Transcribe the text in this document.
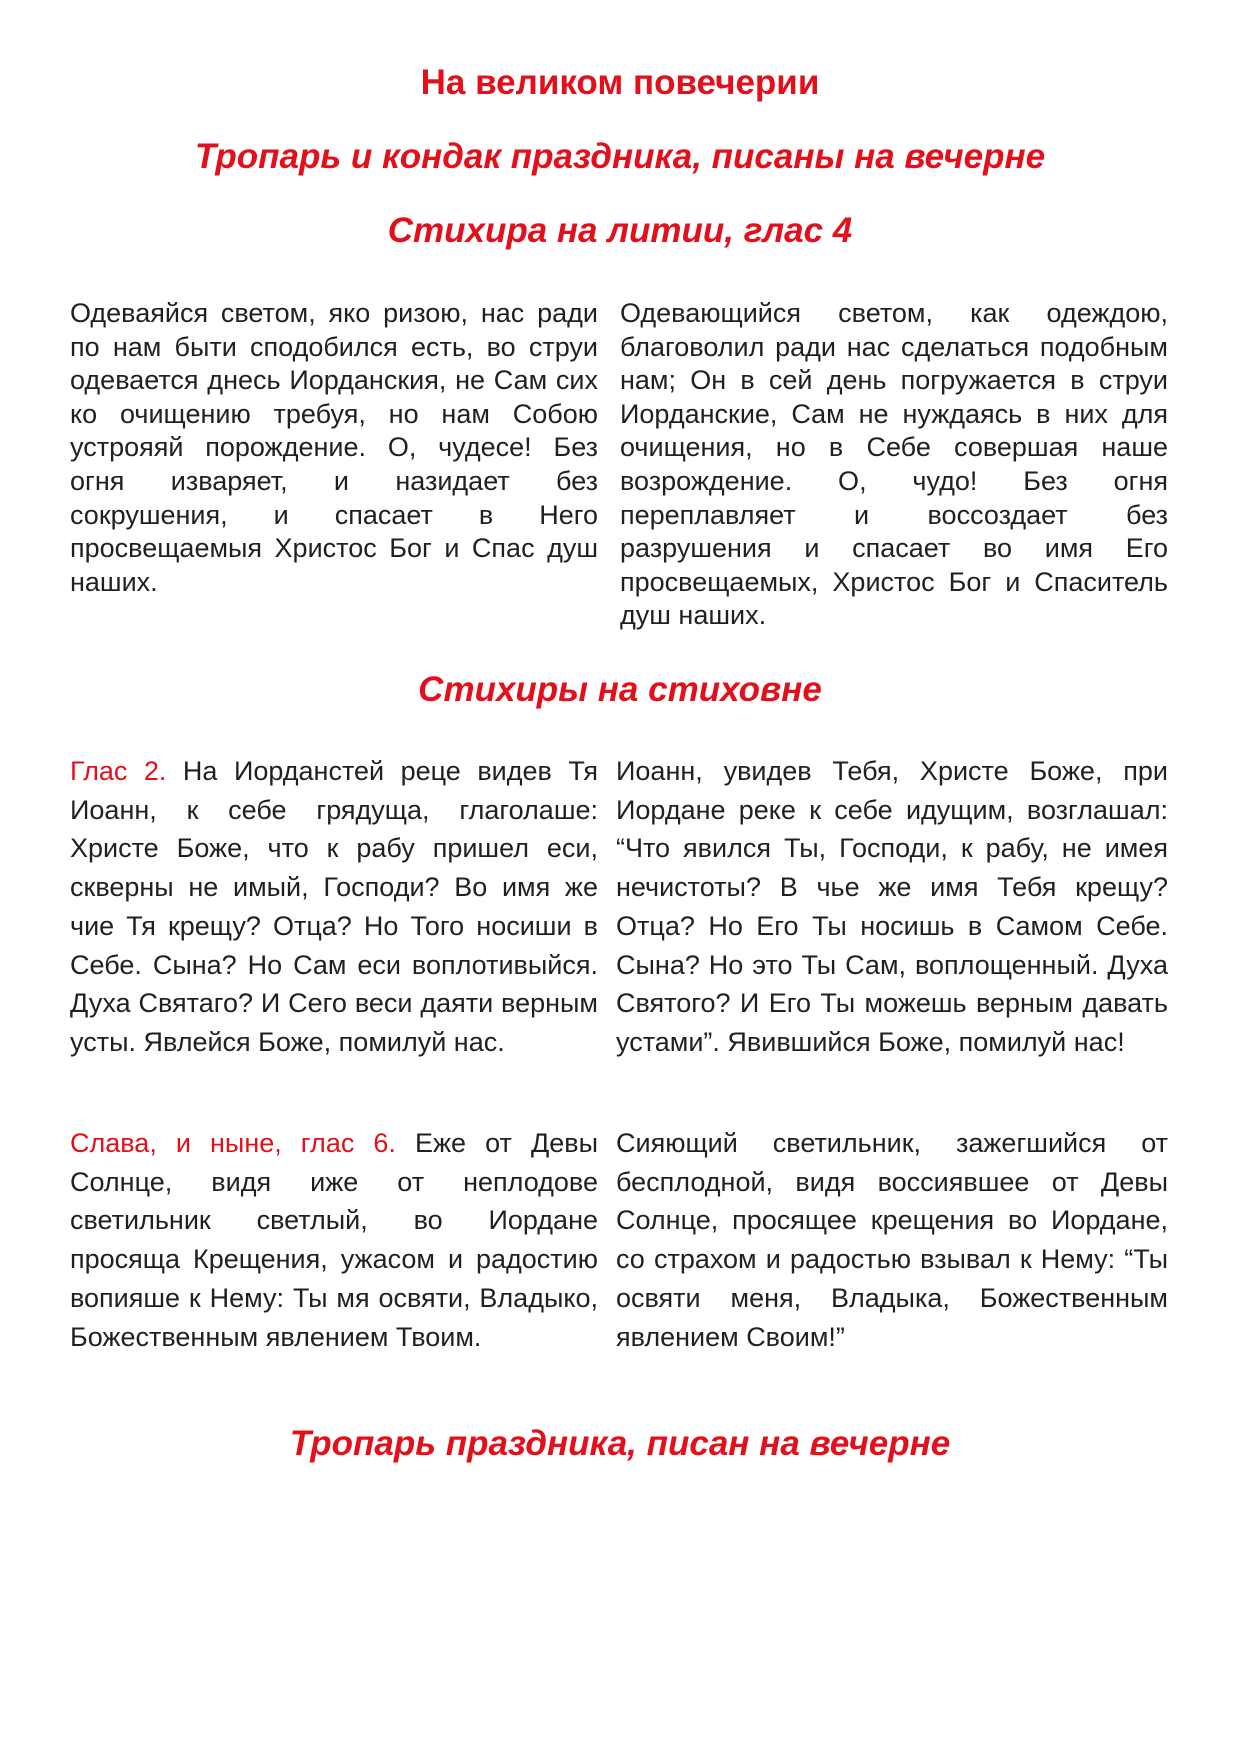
На великом повечерии
Тропарь и кондак праздника, писаны на вечерне
Стихира на литии, глас 4

Одеваяйся светом, яко ризою, нас ради по нам быти сподобился есть, во струи одевается днесь Иорданския, не Сам сих ко очищению требуя, но нам Собою устрояяй порождение. О, чудесе! Без огня изваряет, и назидает без сокрушения, и спасает в Него просвещаемыя Христос Бог и Спас душ наших.

Одевающийся светом, как одеждою, благоволил ради нас сделаться подобным нам; Он в сей день погружается в струи Иорданские, Сам не нуждаясь в них для очищения, но в Себе совершая наше возрождение. О, чудо! Без огня переплавляет и воссоздает без разрушения и спасает во имя Его просвещаемых, Христос Бог и Спаситель душ наших.

Стихиры на стиховне

Глас 2. На Иорданстей реце видев Тя Иоанн, к себе грядуща, глаголаше: Христе Боже, что к рабу пришел еси, скверны не имый, Господи? Во имя же чие Тя крещу? Отца? Но Того носиши в Себе. Сына? Но Сам еси воплотивыйся. Духа Святаго? И Сего веси даяти верным усты. Явлейся Боже, помилуй нас.

Иоанн, увидев Тебя, Христе Боже, при Иордане реке к себе идущим, возглашал: “Что явился Ты, Господи, к рабу, не имея нечистоты? В чье же имя Тебя крещу? Отца? Но Его Ты носишь в Самом Себе. Сына? Но это Ты Сам, воплощенный. Духа Святого? И Его Ты можешь верным давать устами”. Явившийся Боже, помилуй нас!

Слава, и ныне, глас 6. Еже от Девы Солнце, видя иже от неплодове светильник светлый, во Иордане просяща Крещения, ужасом и радостию вопияше к Нему: Ты мя освяти, Владыко, Божественным явлением Твоим.

Сияющий светильник, зажегшийся от бесплодной, видя воссиявшее от Девы Солнце, просящее крещения во Иордане, со страхом и радостью взывал к Нему: “Ты освяти меня, Владыка, Божественным явлением Своим!”

Тропарь праздника, писан на вечерне
